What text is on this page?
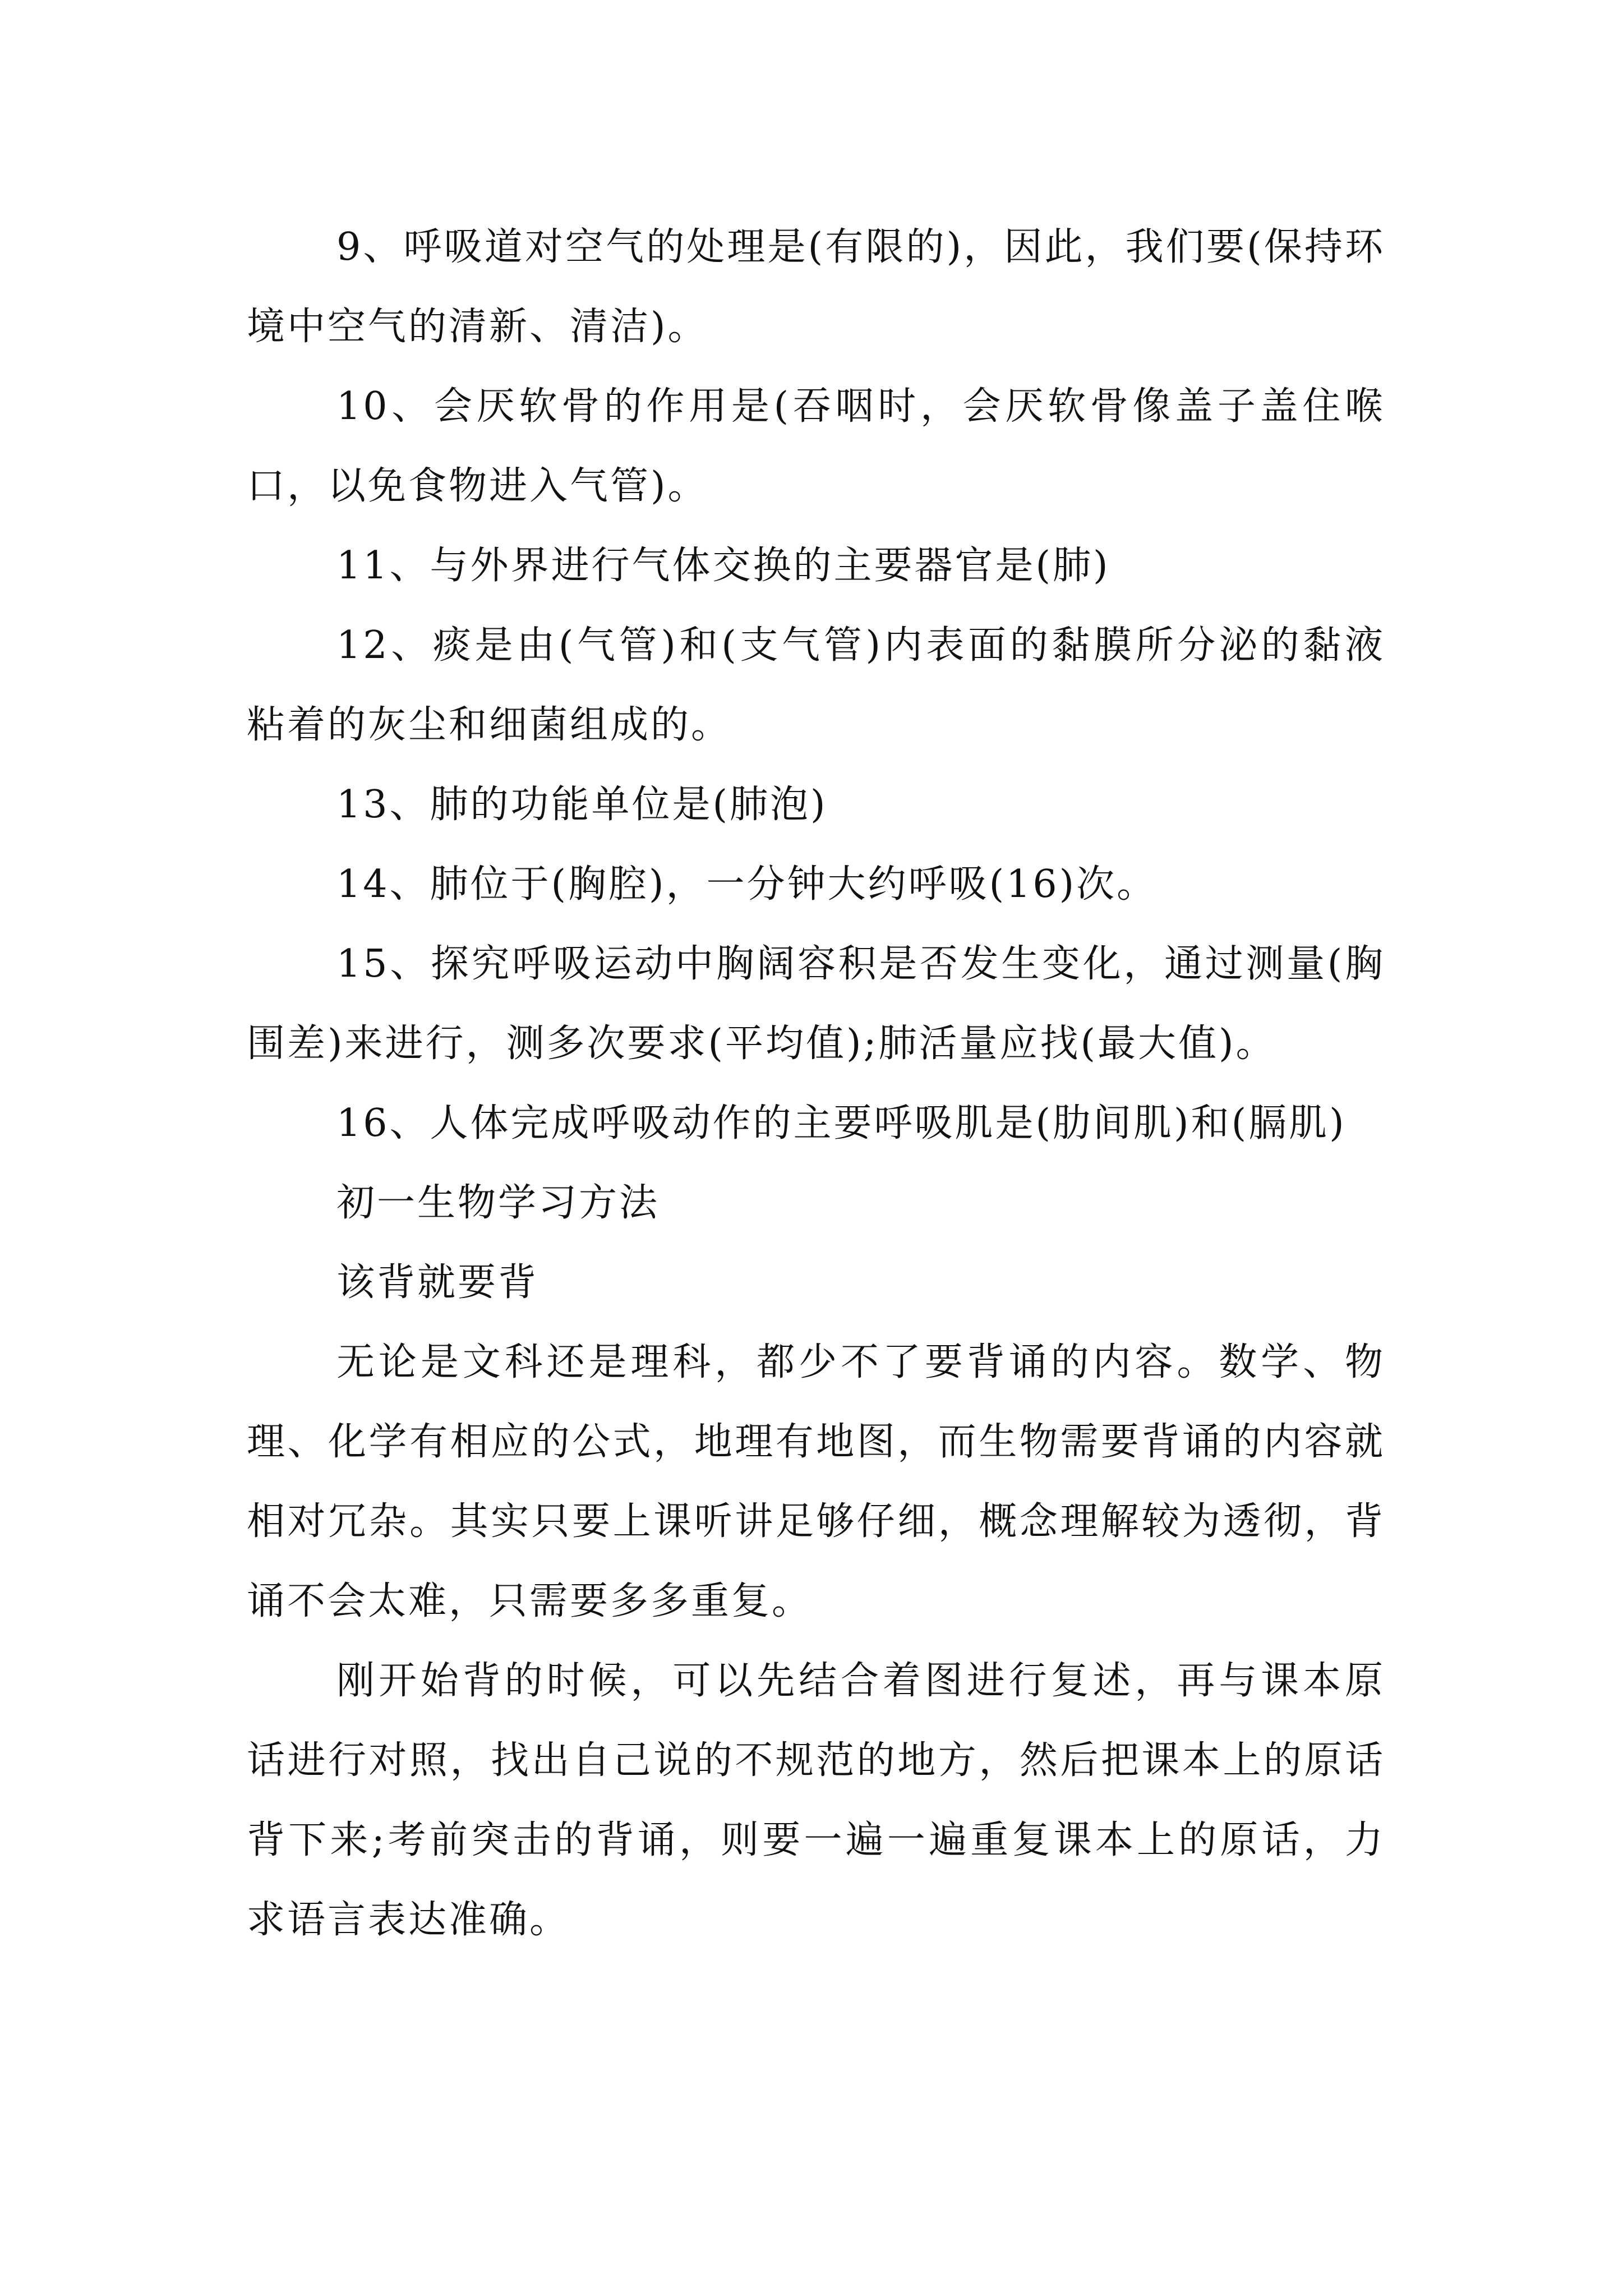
9、呼吸道对空气的处理是(有限的)，因此，我们要(保持环境中空气的清新、清洁)。

10、会厌软骨的作用是(吞咽时，会厌软骨像盖子盖住喉口，以免食物进入气管)。

11、与外界进行气体交换的主要器官是(肺)

12、痰是由(气管)和(支气管)内表面的黏膜所分泌的黏液粘着的灰尘和细菌组成的。

13、肺的功能单位是(肺泡)

14、肺位于(胸腔)，一分钟大约呼吸(16)次。

15、探究呼吸运动中胸阔容积是否发生变化，通过测量(胸围差)来进行，测多次要求(平均值);肺活量应找(最大值)。

16、人体完成呼吸动作的主要呼吸肌是(肋间肌)和(膈肌)

初一生物学习方法

该背就要背

无论是文科还是理科，都少不了要背诵的内容。数学、物理、化学有相应的公式，地理有地图，而生物需要背诵的内容就相对冗杂。其实只要上课听讲足够仔细，概念理解较为透彻，背诵不会太难，只需要多多重复。

刚开始背的时候，可以先结合着图进行复述，再与课本原话进行对照，找出自己说的不规范的地方，然后把课本上的原话背下来;考前突击的背诵，则要一遍一遍重复课本上的原话，力求语言表达准确。
